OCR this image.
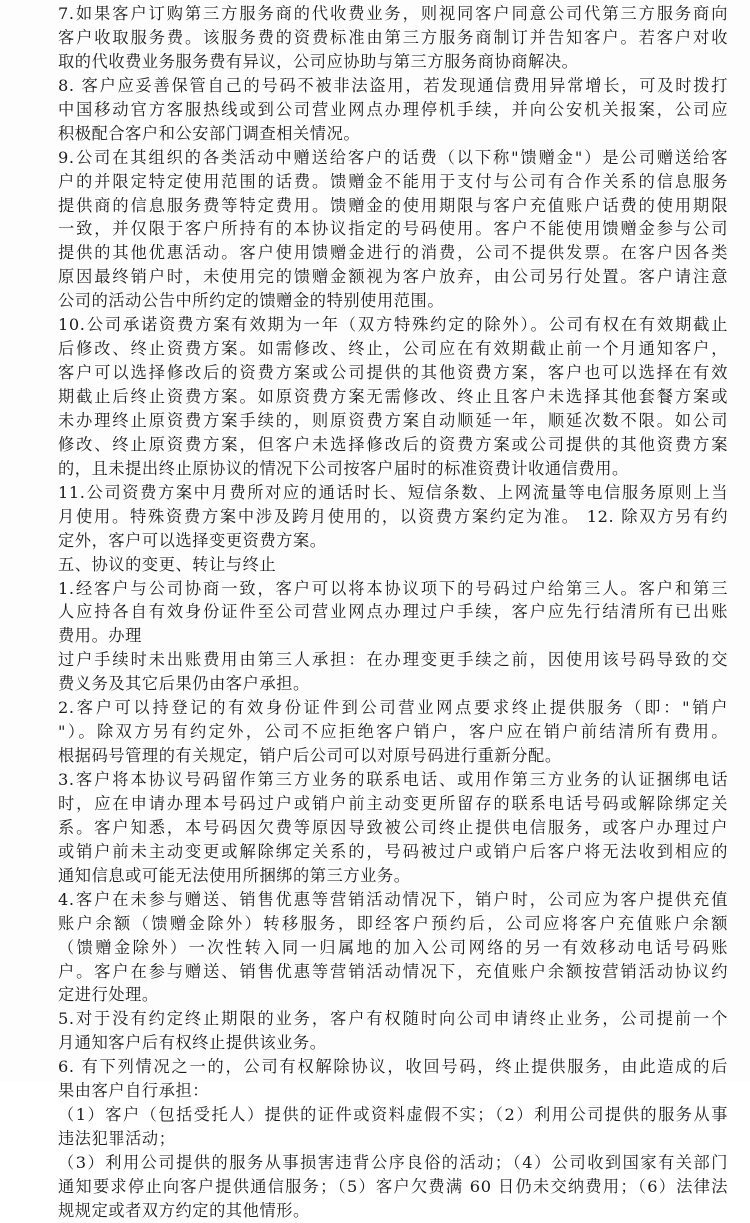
7.如果客户订购第三方服务商的代收费业务，则视同客户同意公司代第三方服务商向
客户收取服务费。该服务费的资费标准由第三方服务商制订并告知客户。若客户对收
取的代收费业务服务费有异议，公司应协助与第三方服务商协商解决。
8. 客户应妥善保管自己的号码不被非法盗用，若发现通信费用异常增长，可及时拨打
中国移动官方客服热线或到公司营业网点办理停机手续，并向公安机关报案，公司应
积极配合客户和公安部门调查相关情况。
9.公司在其组织的各类活动中赠送给客户的话费（以下称"馈赠金"）是公司赠送给客
户的并限定特定使用范围的话费。馈赠金不能用于支付与公司有合作关系的信息服务
提供商的信息服务费等特定费用。馈赠金的使用期限与客户充值账户话费的使用期限
一致，并仅限于客户所持有的本协议指定的号码使用。客户不能使用馈赠金参与公司
提供的其他优惠活动。客户使用馈赠金进行的消费，公司不提供发票。在客户因各类
原因最终销户时，未使用完的馈赠金额视为客户放弃，由公司另行处置。客户请注意
公司的活动公告中所约定的馈赠金的特别使用范围。
10.公司承诺资费方案有效期为一年（双方特殊约定的除外）。公司有权在有效期截止
后修改、终止资费方案。如需修改、终止，公司应在有效期截止前一个月通知客户，
客户可以选择修改后的资费方案或公司提供的其他资费方案，客户也可以选择在有效
期截止后终止资费方案。如原资费方案无需修改、终止且客户未选择其他套餐方案或
未办理终止原资费方案手续的，则原资费方案自动顺延一年，顺延次数不限。如公司
修改、终止原资费方案，但客户未选择修改后的资费方案或公司提供的其他资费方案
的，且未提出终止原协议的情况下公司按客户届时的标准资费计收通信费用。
11.公司资费方案中月费所对应的通话时长、短信条数、上网流量等电信服务原则上当
月使用。特殊资费方案中涉及跨月使用的，以资费方案约定为准。 12. 除双方另有约
定外，客户可以选择变更资费方案。
五、协议的变更、转让与终止
1.经客户与公司协商一致，客户可以将本协议项下的号码过户给第三人。客户和第三
人应持各自有效身份证件至公司营业网点办理过户手续，客户应先行结清所有已出账
费用。办理
过户手续时未出账费用由第三人承担：在办理变更手续之前，因使用该号码导致的交
费义务及其它后果仍由客户承担。
2.客户可以持登记的有效身份证件到公司营业网点要求终止提供服务（即："销户
"）。除双方另有约定外，公司不应拒绝客户销户，客户应在销户前结清所有费用。
根据码号管理的有关规定，销户后公司可以对原号码进行重新分配。
3.客户将本协议号码留作第三方业务的联系电话、或用作第三方业务的认证捆绑电话
时，应在申请办理本号码过户或销户前主动变更所留存的联系电话号码或解除绑定关
系。客户知悉，本号码因欠费等原因导致被公司终止提供电信服务，或客户办理过户
或销户前未主动变更或解除绑定关系的，号码被过户或销户后客户将无法收到相应的
通知信息或可能无法使用所捆绑的第三方业务。
4.客户在未参与赠送、销售优惠等营销活动情况下，销户时，公司应为客户提供充值
账户余额（馈赠金除外）转移服务，即经客户预约后，公司应将客户充值账户余额
（馈赠金除外）一次性转入同一归属地的加入公司网络的另一有效移动电话号码账
户。客户在参与赠送、销售优惠等营销活动情况下，充值账户余额按营销活动协议约
定进行处理。
5.对于没有约定终止期限的业务，客户有权随时向公司申请终止业务，公司提前一个
月通知客户后有权终止提供该业务。
6. 有下列情况之一的，公司有权解除协议，收回号码，终止提供服务，由此造成的后
果由客户自行承担：
（1）客户（包括受托人）提供的证件或资料虚假不实；（2）利用公司提供的服务从事
违法犯罪活动；
（3）利用公司提供的服务从事损害违背公序良俗的活动；（4）公司收到国家有关部门
通知要求停止向客户提供通信服务；（5）客户欠费满 60 日仍未交纳费用；（6）法律法
规规定或者双方约定的其他情形。
